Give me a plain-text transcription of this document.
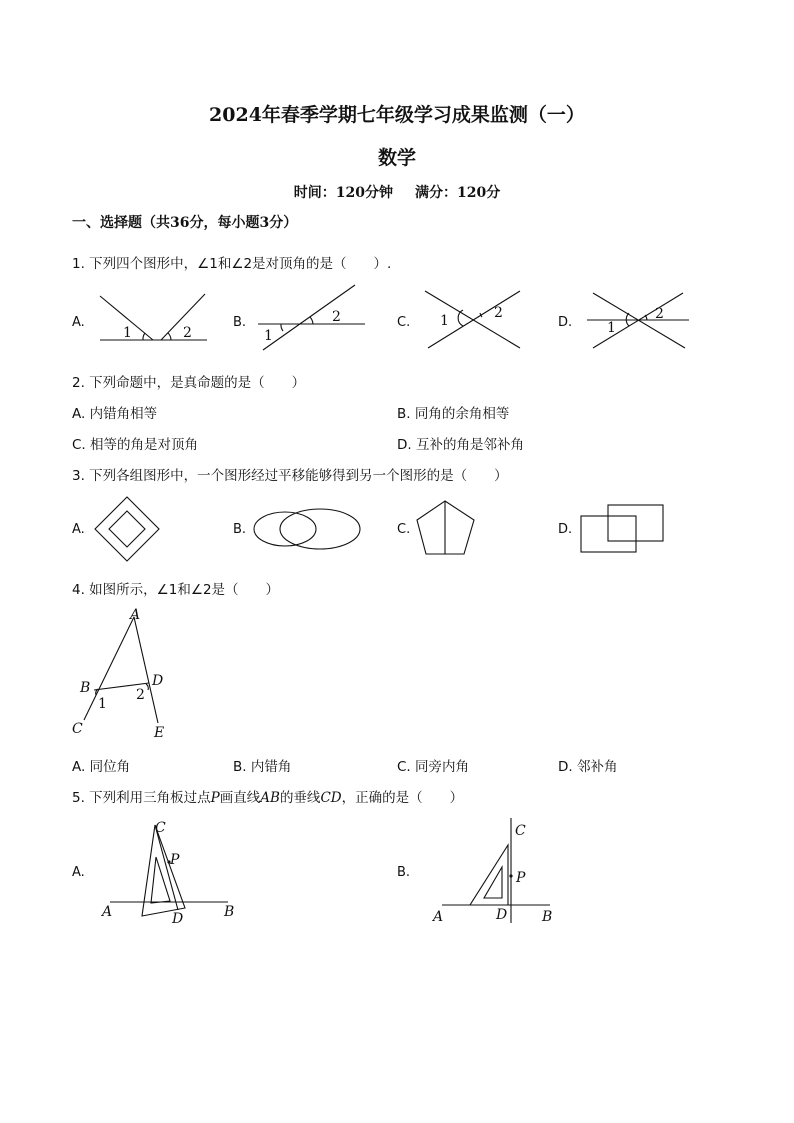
2024年春季学期七年级学习成果监测（一）
数学
时间：120分钟 满分：120分
一、选择题（共36分，每小题3分）
1. 下列四个图形中，∠1和∠2是对顶角的是（　　）.
A.	B.	C.	D.
1	2	1
2	1	2
1
2
2. 下列命题中，是真命题的是（　　）
A. 内错角相等	B. 同角的余角相等
C. 相等的角是对顶角	D. 互补的角是邻补角
3. 下列各组图形中，一个图形经过平移能够得到另一个图形的是（　　）
A.	B.	C.	D.
4. 如图所示，∠1和∠2是（　　）
A
B
C
D
E
1
2
A. 同位角	B. 内错角	C. 同旁内角	D. 邻补角
5. 下列利用三角板过点P画直线AB的垂线CD，正确的是（　　）
A.
C
P
A	D	B
B.
C
P
A	D B
